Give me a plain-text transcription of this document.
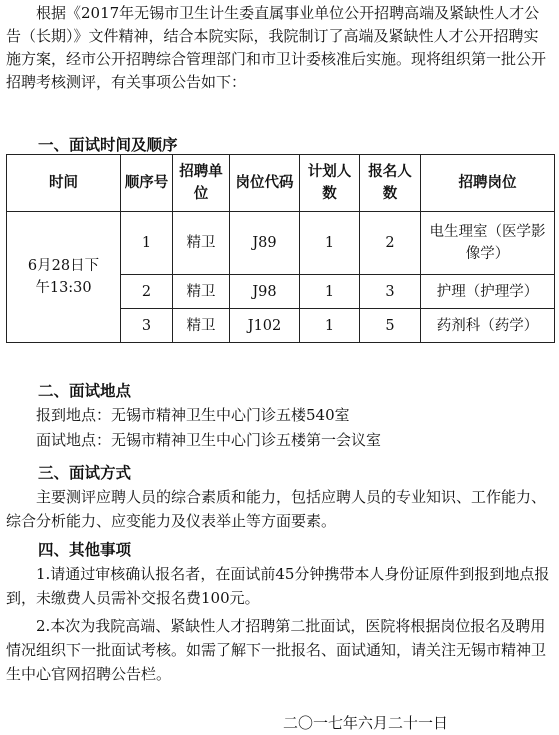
根据《2017年无锡市卫生计生委直属事业单位公开招聘高端及紧缺性人才公告（长期）》文件精神，结合本院实际，我院制订了高端及紧缺性人才公开招聘实施方案，经市公开招聘综合管理部门和市卫计委核准后实施。现将组织第一批公开招聘考核测评，有关事项公告如下：

一、面试时间及顺序
时间	顺序号	招聘单位	岗位代码	计划人数	报名人数	招聘岗位
6月28日下午13:30	1	精卫	J89	1	2	电生理室（医学影像学）
	2	精卫	J98	1	3	护理（护理学）
	3	精卫	J102	1	5	药剂科（药学）
二、面试地点

报到地点：无锡市精神卫生中心门诊五楼540室

面试地点：无锡市精神卫生中心门诊五楼第一会议室

三、面试方式

主要测评应聘人员的综合素质和能力，包括应聘人员的专业知识、工作能力、综合分析能力、应变能力及仪表举止等方面要素。

四、其他事项

1.请通过审核确认报名者，在面试前45分钟携带本人身份证原件到报到地点报到，未缴费人员需补交报名费100元。

2.本次为我院高端、紧缺性人才招聘第二批面试，医院将根据岗位报名及聘用情况组织下一批面试考核。如需了解下一批报名、面试通知，请关注无锡市精神卫生中心官网招聘公告栏。

二〇一七年六月二十一日
